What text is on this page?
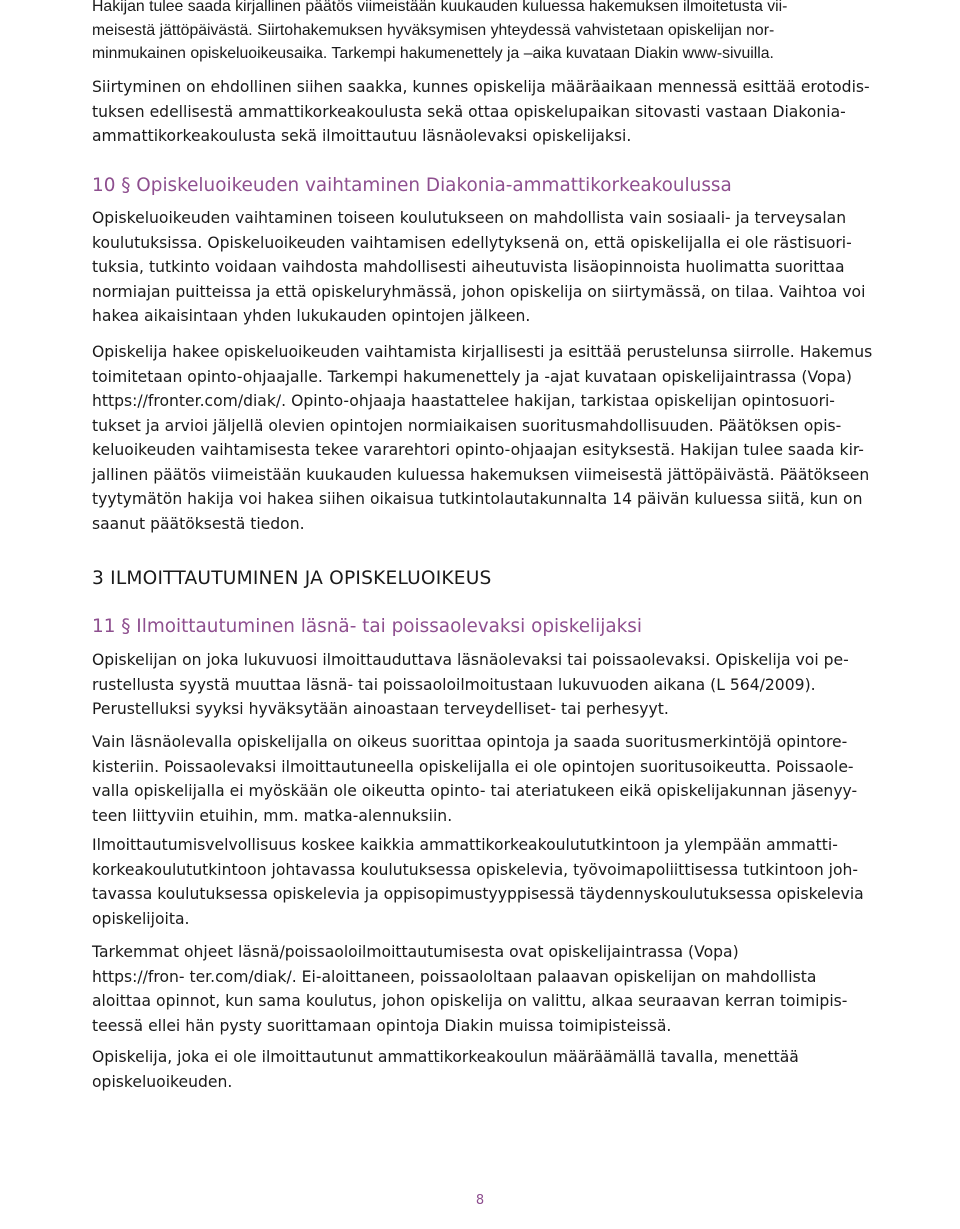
Hakijan tulee saada kirjallinen päätös viimeistään kuukauden kuluessa hakemuksen ilmoitetusta vii-
meisestä jättöpäivästä. Siirtohakemuksen hyväksymisen yhteydessä vahvistetaan opiskelijan nor-
minmukainen opiskeluoikeusaika. Tarkempi hakumenettely ja –aika kuvataan Diakin www-sivuilla.

Siirtyminen on ehdollinen siihen saakka, kunnes opiskelija määräaikaan mennessä esittää erotodis-
tuksen edellisestä ammattikorkeakoulusta sekä ottaa opiskelupaikan sitovasti vastaan Diakonia-
ammattikorkeakoulusta sekä ilmoittautuu läsnäolevaksi opiskelijaksi.

10 § Opiskeluoikeuden vaihtaminen Diakonia-ammattikorkeakoulussa

Opiskeluoikeuden vaihtaminen toiseen koulutukseen on mahdollista vain sosiaali- ja terveysalan
koulutuksissa. Opiskeluoikeuden vaihtamisen edellytyksenä on, että opiskelijalla ei ole rästisuori-
tuksia, tutkinto voidaan vaihdosta mahdollisesti aiheutuvista lisäopinnoista huolimatta suorittaa
normiajan puitteissa ja että opiskeluryhmässä, johon opiskelija on siirtymässä, on tilaa. Vaihtoa voi
hakea aikaisintaan yhden lukukauden opintojen jälkeen.

Opiskelija hakee opiskeluoikeuden vaihtamista kirjallisesti ja esittää perustelunsa siirrolle. Hakemus
toimitetaan opinto-ohjaajalle. Tarkempi hakumenettely ja -ajat kuvataan opiskelijaintrassa (Vopa)
https://fronter.com/diak/. Opinto-ohjaaja haastattelee hakijan, tarkistaa opiskelijan opintosuori-
tukset ja arvioi jäljellä olevien opintojen normiaikaisen suoritusmahdollisuuden. Päätöksen opis-
keluoikeuden vaihtamisesta tekee vararehtori opinto-ohjaajan esityksestä. Hakijan tulee saada kir-
jallinen päätös viimeistään kuukauden kuluessa hakemuksen viimeisestä jättöpäivästä. Päätökseen
tyytymätön hakija voi hakea siihen oikaisua tutkintolautakunnalta 14 päivän kuluessa siitä, kun on
saanut päätöksestä tiedon.

3 ILMOITTAUTUMINEN JA OPISKELUOIKEUS
11 § Ilmoittautuminen läsnä- tai poissaolevaksi opiskelijaksi

Opiskelijan on joka lukuvuosi ilmoittauduttava läsnäolevaksi tai poissaolevaksi. Opiskelija voi pe-
rustellusta syystä muuttaa läsnä- tai poissaoloilmoitustaan lukuvuoden aikana (L 564/2009).
Perustelluksi syyksi hyväksytään ainoastaan terveydelliset- tai perhesyyt.

Vain läsnäolevalla opiskelijalla on oikeus suorittaa opintoja ja saada suoritusmerkintöjä opintore-
kisteriin. Poissaolevaksi ilmoittautuneella opiskelijalla ei ole opintojen suoritusoikeutta. Poissaole-
valla opiskelijalla ei myöskään ole oikeutta opinto- tai ateriatukeen eikä opiskelijakunnan jäsenyy-
teen liittyviin etuihin, mm. matka-alennuksiin.

Ilmoittautumisvelvollisuus koskee kaikkia ammattikorkeakoulututkintoon ja ylempään ammatti-
korkeakoulututkintoon johtavassa koulutuksessa opiskelevia, työvoimapoliittisessa tutkintoon joh-
tavassa koulutuksessa opiskelevia ja oppisopimustyyppisessä täydennyskoulutuksessa opiskelevia
opiskelijoita.

Tarkemmat ohjeet läsnä/poissaoloilmoittautumisesta ovat opiskelijaintrassa (Vopa)
https://fron- ter.com/diak/. Ei-aloittaneen, poissaololtaan palaavan opiskelijan on mahdollista
aloittaa opinnot, kun sama koulutus, johon opiskelija on valittu, alkaa seuraavan kerran toimipis-
teessä ellei hän pysty suorittamaan opintoja Diakin muissa toimipisteissä.

Opiskelija, joka ei ole ilmoittautunut ammattikorkeakoulun määräämällä tavalla, menettää
opiskeluoikeuden.

8
